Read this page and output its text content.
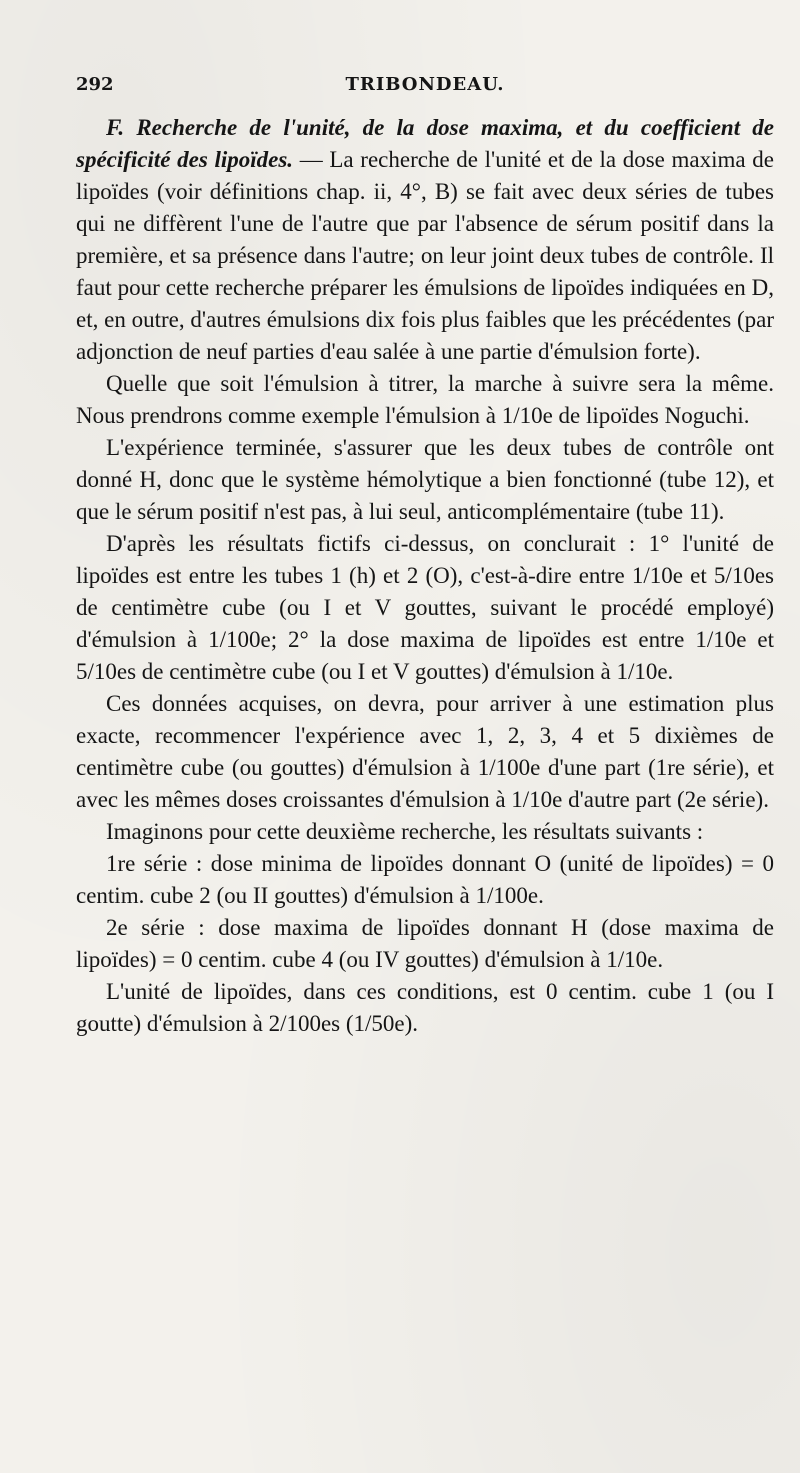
292	TRIBONDEAU.

F. Recherche de l'unité, de la dose maxima, et du coefficient de spécificité des lipoïdes. — La recherche de l'unité et de la dose maxima de lipoïdes (voir définitions chap. ii, 4°, B) se fait avec deux séries de tubes qui ne diffèrent l'une de l'autre que par l'absence de sérum positif dans la première, et sa présence dans l'autre; on leur joint deux tubes de contrôle. Il faut pour cette recherche préparer les émulsions de lipoïdes indiquées en D, et, en outre, d'autres émulsions dix fois plus faibles que les précédentes (par adjonction de neuf parties d'eau salée à une partie d'émulsion forte).

Quelle que soit l'émulsion à titrer, la marche à suivre sera la même. Nous prendrons comme exemple l'émulsion à 1/10e de lipoïdes Noguchi.

L'expérience terminée, s'assurer que les deux tubes de contrôle ont donné H, donc que le système hémolytique a bien fonctionné (tube 12), et que le sérum positif n'est pas, à lui seul, anticomplémentaire (tube 11).

D'après les résultats fictifs ci-dessus, on conclurait : 1° l'unité de lipoïdes est entre les tubes 1 (h) et 2 (O), c'est-à-dire entre 1/10e et 5/10es de centimètre cube (ou I et V gouttes, suivant le procédé employé) d'émulsion à 1/100e; 2° la dose maxima de lipoïdes est entre 1/10e et 5/10es de centimètre cube (ou I et V gouttes) d'émulsion à 1/10e.

Ces données acquises, on devra, pour arriver à une estimation plus exacte, recommencer l'expérience avec 1, 2, 3, 4 et 5 dixièmes de centimètre cube (ou gouttes) d'émulsion à 1/100e d'une part (1re série), et avec les mêmes doses croissantes d'émulsion à 1/10e d'autre part (2e série).

Imaginons pour cette deuxième recherche, les résultats suivants :

1re série : dose minima de lipoïdes donnant O (unité de lipoïdes) = 0 centim. cube 2 (ou II gouttes) d'émulsion à 1/100e.

2e série : dose maxima de lipoïdes donnant H (dose maxima de lipoïdes) = 0 centim. cube 4 (ou IV gouttes) d'émulsion à 1/10e.

L'unité de lipoïdes, dans ces conditions, est 0 centim. cube 1 (ou I goutte) d'émulsion à 2/100es (1/50e).
